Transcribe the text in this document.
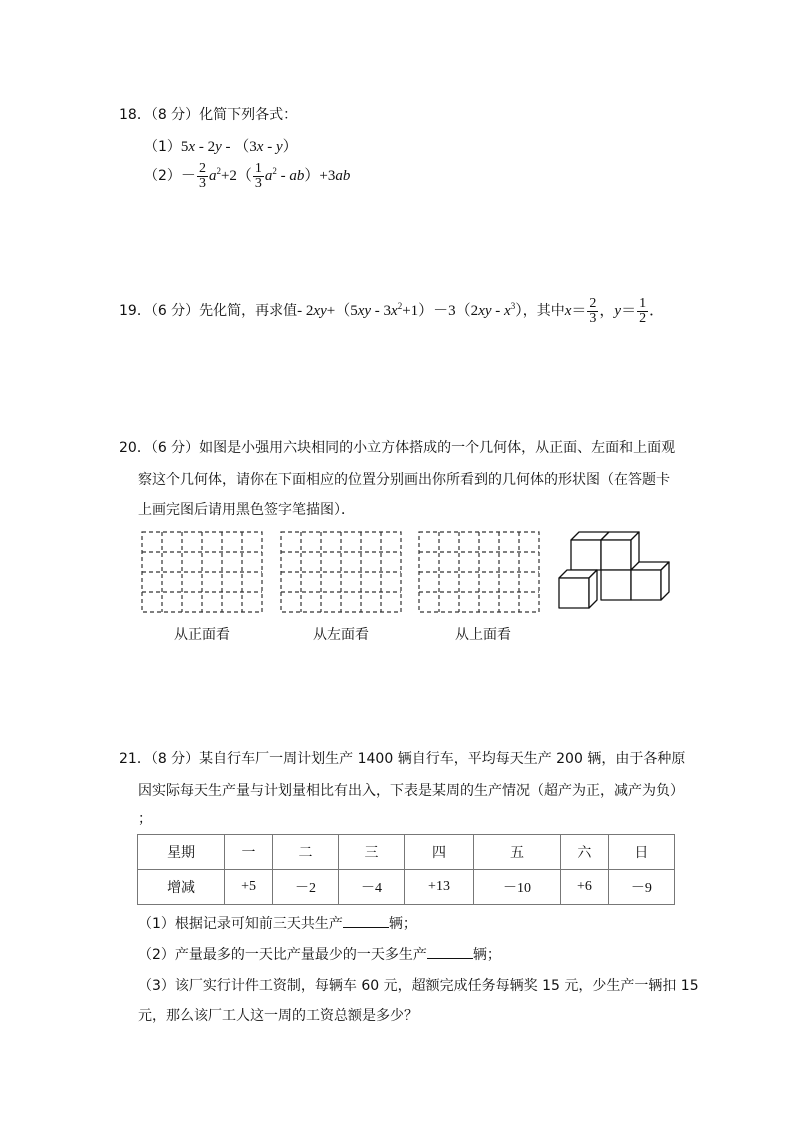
18．（8 分）化简下列各式：
（1）5x - 2y - （3x - y）
$(2)- \frac{2}{3} a^2+2( \frac{1}{3} a^2 - ab)+3ab$
19．（6 分）先化简，再求值- $2xy+(5xy - 3x^2+1)-3(2xy - x^3)$，其中$x= \frac{2}{3}$ ，$y= \frac{1}{2}$ ．
20．（6 分）如图是小强用六块相同的小立方体搭成的一个几何体，从正面、左面和上面观
察这个几何体，请你在下面相应的位置分别画出你所看到的几何体的形状图（在答题卡
上画完图后请用黑色签字笔描图）．
从正面看	从左面看	从上面看
21．（8 分）某自行车厂一周计划生产 1400 辆自行车，平均每天生产 200 辆，由于各种原
因实际每天生产量与计划量相比有出入，下表是某周的生产情况（超产为正，减产为负）
；
星期	一	二	三	四	五	六	日
增减	+5	－2	－4	+13	－10	+6	－9
（1）根据记录可知前三天共生产	辆；
（2）产量最多的一天比产量最少的一天多生产	辆；
（3）该厂实行计件工资制，每辆车 60 元，超额完成任务每辆奖 15 元，少生产一辆扣 15
元，那么该厂工人这一周的工资总额是多少？
